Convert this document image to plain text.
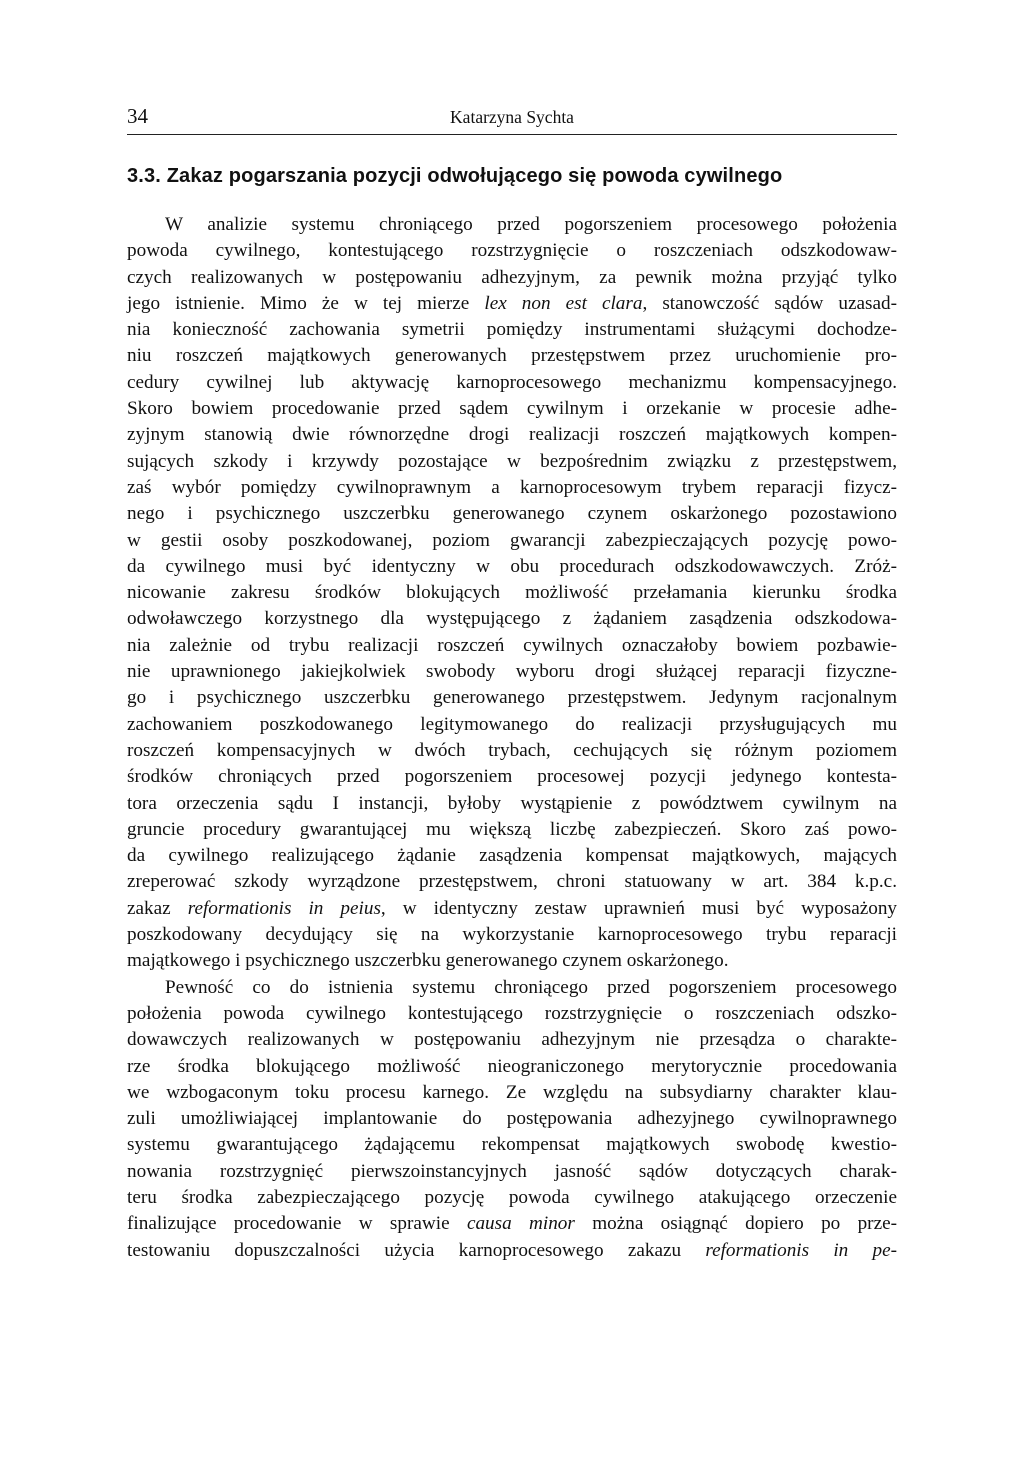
34	Katarzyna Sychta
3.3. Zakaz pogarszania pozycji odwołującego się powoda cywilnego
W analizie systemu chroniącego przed pogorszeniem procesowego położenia
powoda cywilnego, kontestującego rozstrzygnięcie o roszczeniach odszkodowaw-
czych realizowanych w postępowaniu adhezyjnym, za pewnik można przyjąć tylko
jego istnienie. Mimo że w tej mierze lex non est clara, stanowczość sądów uzasad-
nia konieczność zachowania symetrii pomiędzy instrumentami służącymi dochodze-
niu roszczeń majątkowych generowanych przestępstwem przez uruchomienie pro-
cedury cywilnej lub aktywację karnoprocesowego mechanizmu kompensacyjnego.
Skoro bowiem procedowanie przed sądem cywilnym i orzekanie w procesie adhe-
zyjnym stanowią dwie równorzędne drogi realizacji roszczeń majątkowych kompen-
sujących szkody i krzywdy pozostające w bezpośrednim związku z przestępstwem,
zaś wybór pomiędzy cywilnoprawnym a karnoprocesowym trybem reparacji fizycz-
nego i psychicznego uszczerbku generowanego czynem oskarżonego pozostawiono
w gestii osoby poszkodowanej, poziom gwarancji zabezpieczających pozycję powo-
da cywilnego musi być identyczny w obu procedurach odszkodowawczych. Zróż-
nicowanie zakresu środków blokujących możliwość przełamania kierunku środka
odwoławczego korzystnego dla występującego z żądaniem zasądzenia odszkodowa-
nia zależnie od trybu realizacji roszczeń cywilnych oznaczałoby bowiem pozbawie-
nie uprawnionego jakiejkolwiek swobody wyboru drogi służącej reparacji fizyczne-
go i psychicznego uszczerbku generowanego przestępstwem. Jedynym racjonalnym
zachowaniem poszkodowanego legitymowanego do realizacji przysługujących mu
roszczeń kompensacyjnych w dwóch trybach, cechujących się różnym poziomem
środków chroniących przed pogorszeniem procesowej pozycji jedynego kontesta-
tora orzeczenia sądu I instancji, byłoby wystąpienie z powództwem cywilnym na
gruncie procedury gwarantującej mu większą liczbę zabezpieczeń. Skoro zaś powo-
da cywilnego realizującego żądanie zasądzenia kompensat majątkowych, mających
zreperować szkody wyrządzone przestępstwem, chroni statuowany w art. 384 k.p.c.
zakaz reformationis in peius, w identyczny zestaw uprawnień musi być wyposażony
poszkodowany decydujący się na wykorzystanie karnoprocesowego trybu reparacji
majątkowego i psychicznego uszczerbku generowanego czynem oskarżonego.
Pewność co do istnienia systemu chroniącego przed pogorszeniem procesowego
położenia powoda cywilnego kontestującego rozstrzygnięcie o roszczeniach odszko-
dowawczych realizowanych w postępowaniu adhezyjnym nie przesądza o charakte-
rze środka blokującego możliwość nieograniczonego merytorycznie procedowania
we wzbogaconym toku procesu karnego. Ze względu na subsydiarny charakter klau-
zuli umożliwiającej implantowanie do postępowania adhezyjnego cywilnoprawnego
systemu gwarantującego żądającemu rekompensat majątkowych swobodę kwestio-
nowania rozstrzygnięć pierwszoinstancyjnych jasność sądów dotyczących charak-
teru środka zabezpieczającego pozycję powoda cywilnego atakującego orzeczenie
finalizujące procedowanie w sprawie causa minor można osiągnąć dopiero po prze-
testowaniu dopuszczalności użycia karnoprocesowego zakazu reformationis in pe-
